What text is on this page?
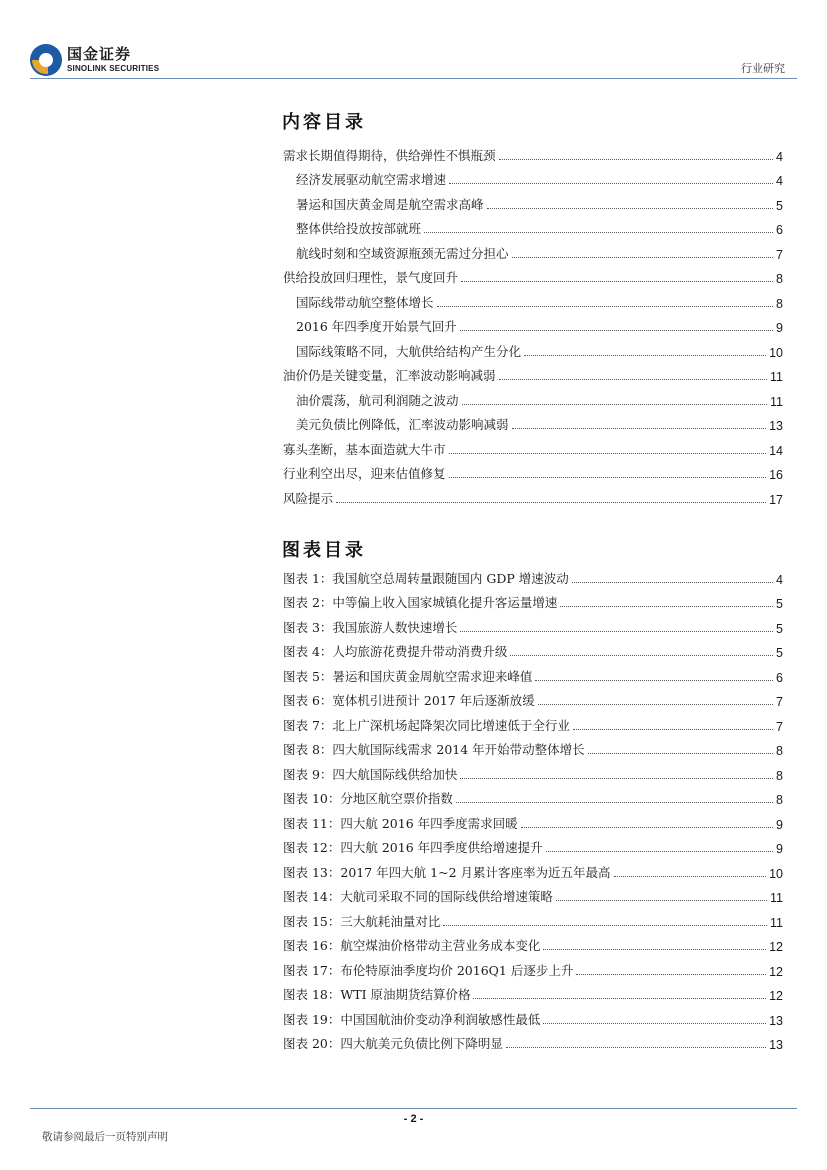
国金证券
SINOLINK SECURITIES	行业研究
内容目录
需求长期值得期待，供给弹性不惧瓶颈	4
经济发展驱动航空需求增速	4
暑运和国庆黄金周是航空需求高峰	5
整体供给投放按部就班	6
航线时刻和空域资源瓶颈无需过分担心	7
供给投放回归理性，景气度回升	8
国际线带动航空整体增长	8
2016 年四季度开始景气回升	9
国际线策略不同，大航供给结构产生分化	10
油价仍是关键变量，汇率波动影响减弱	11
油价震荡，航司利润随之波动	11
美元负债比例降低，汇率波动影响减弱	13
寡头垄断，基本面造就大牛市	14
行业利空出尽，迎来估值修复	16
风险提示	17
图表目录
图表 1：我国航空总周转量跟随国内 GDP 增速波动	4
图表 2：中等偏上收入国家城镇化提升客运量增速	5
图表 3：我国旅游人数快速增长	5
图表 4：人均旅游花费提升带动消费升级	5
图表 5：暑运和国庆黄金周航空需求迎来峰值	6
图表 6：宽体机引进预计 2017 年后逐渐放缓	7
图表 7：北上广深机场起降架次同比增速低于全行业	7
图表 8：四大航国际线需求 2014 年开始带动整体增长	8
图表 9：四大航国际线供给加快	8
图表 10：分地区航空票价指数	8
图表 11：四大航 2016 年四季度需求回暖	9
图表 12：四大航 2016 年四季度供给增速提升	9
图表 13：2017 年四大航 1~2 月累计客座率为近五年最高	10
图表 14：大航司采取不同的国际线供给增速策略	11
图表 15：三大航耗油量对比	11
图表 16：航空煤油价格带动主营业务成本变化	12
图表 17：布伦特原油季度均价 2016Q1 后逐步上升	12
图表 18：WTI 原油期货结算价格	12
图表 19：中国国航油价变动净利润敏感性最低	13
图表 20：四大航美元负债比例下降明显	13
- 2 -
敬请参阅最后一页特别声明
